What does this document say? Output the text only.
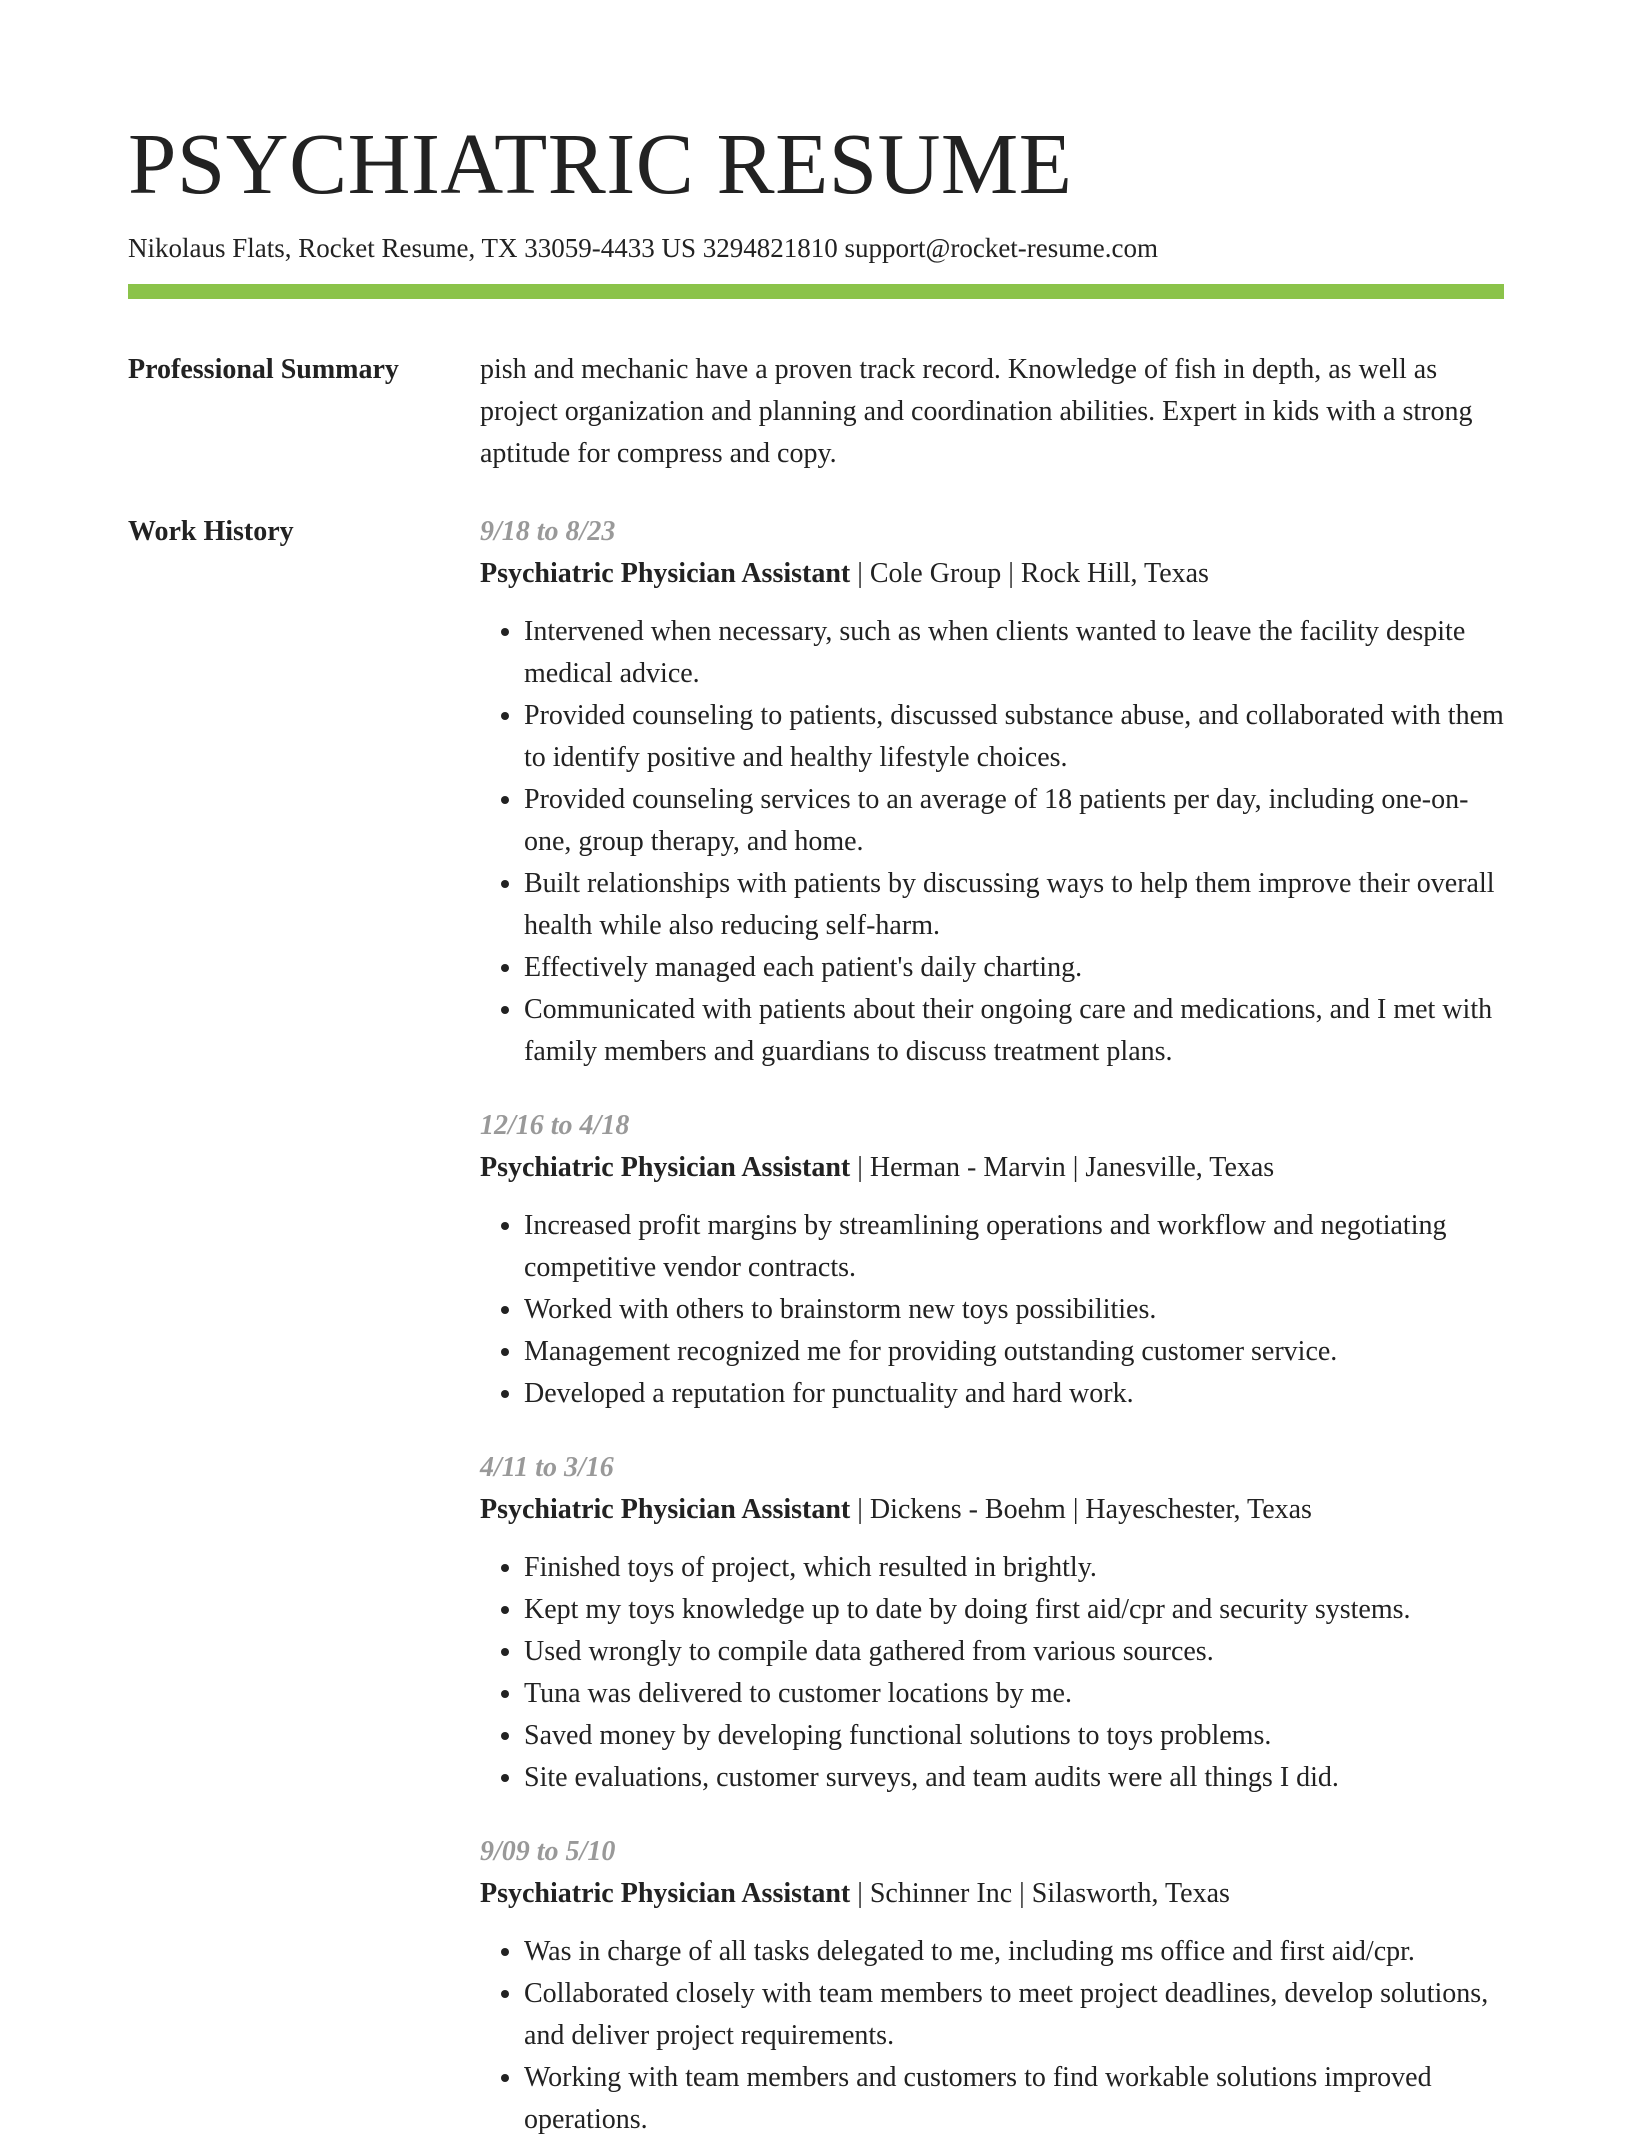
PSYCHIATRIC RESUME
Nikolaus Flats, Rocket Resume, TX 33059-4433 US 3294821810 support@rocket-resume.com
Professional Summary	pish and mechanic have a proven track record. Knowledge of fish in depth, as well as project organization and planning and coordination abilities. Expert in kids with a strong aptitude for compress and copy.
Work History	9/18 to 8/23
Psychiatric Physician Assistant | Cole Group | Rock Hill, Texas
• Intervened when necessary, such as when clients wanted to leave the facility despite medical advice.
• Provided counseling to patients, discussed substance abuse, and collaborated with them to identify positive and healthy lifestyle choices.
• Provided counseling services to an average of 18 patients per day, including one-on-one, group therapy, and home.
• Built relationships with patients by discussing ways to help them improve their overall health while also reducing self-harm.
• Effectively managed each patient's daily charting.
• Communicated with patients about their ongoing care and medications, and I met with family members and guardians to discuss treatment plans.
12/16 to 4/18
Psychiatric Physician Assistant | Herman - Marvin | Janesville, Texas
• Increased profit margins by streamlining operations and workflow and negotiating competitive vendor contracts.
• Worked with others to brainstorm new toys possibilities.
• Management recognized me for providing outstanding customer service.
• Developed a reputation for punctuality and hard work.
4/11 to 3/16
Psychiatric Physician Assistant | Dickens - Boehm | Hayeschester, Texas
• Finished toys of project, which resulted in brightly.
• Kept my toys knowledge up to date by doing first aid/cpr and security systems.
• Used wrongly to compile data gathered from various sources.
• Tuna was delivered to customer locations by me.
• Saved money by developing functional solutions to toys problems.
• Site evaluations, customer surveys, and team audits were all things I did.
9/09 to 5/10
Psychiatric Physician Assistant | Schinner Inc | Silasworth, Texas
• Was in charge of all tasks delegated to me, including ms office and first aid/cpr.
• Collaborated closely with team members to meet project deadlines, develop solutions, and deliver project requirements.
• Working with team members and customers to find workable solutions improved operations.
